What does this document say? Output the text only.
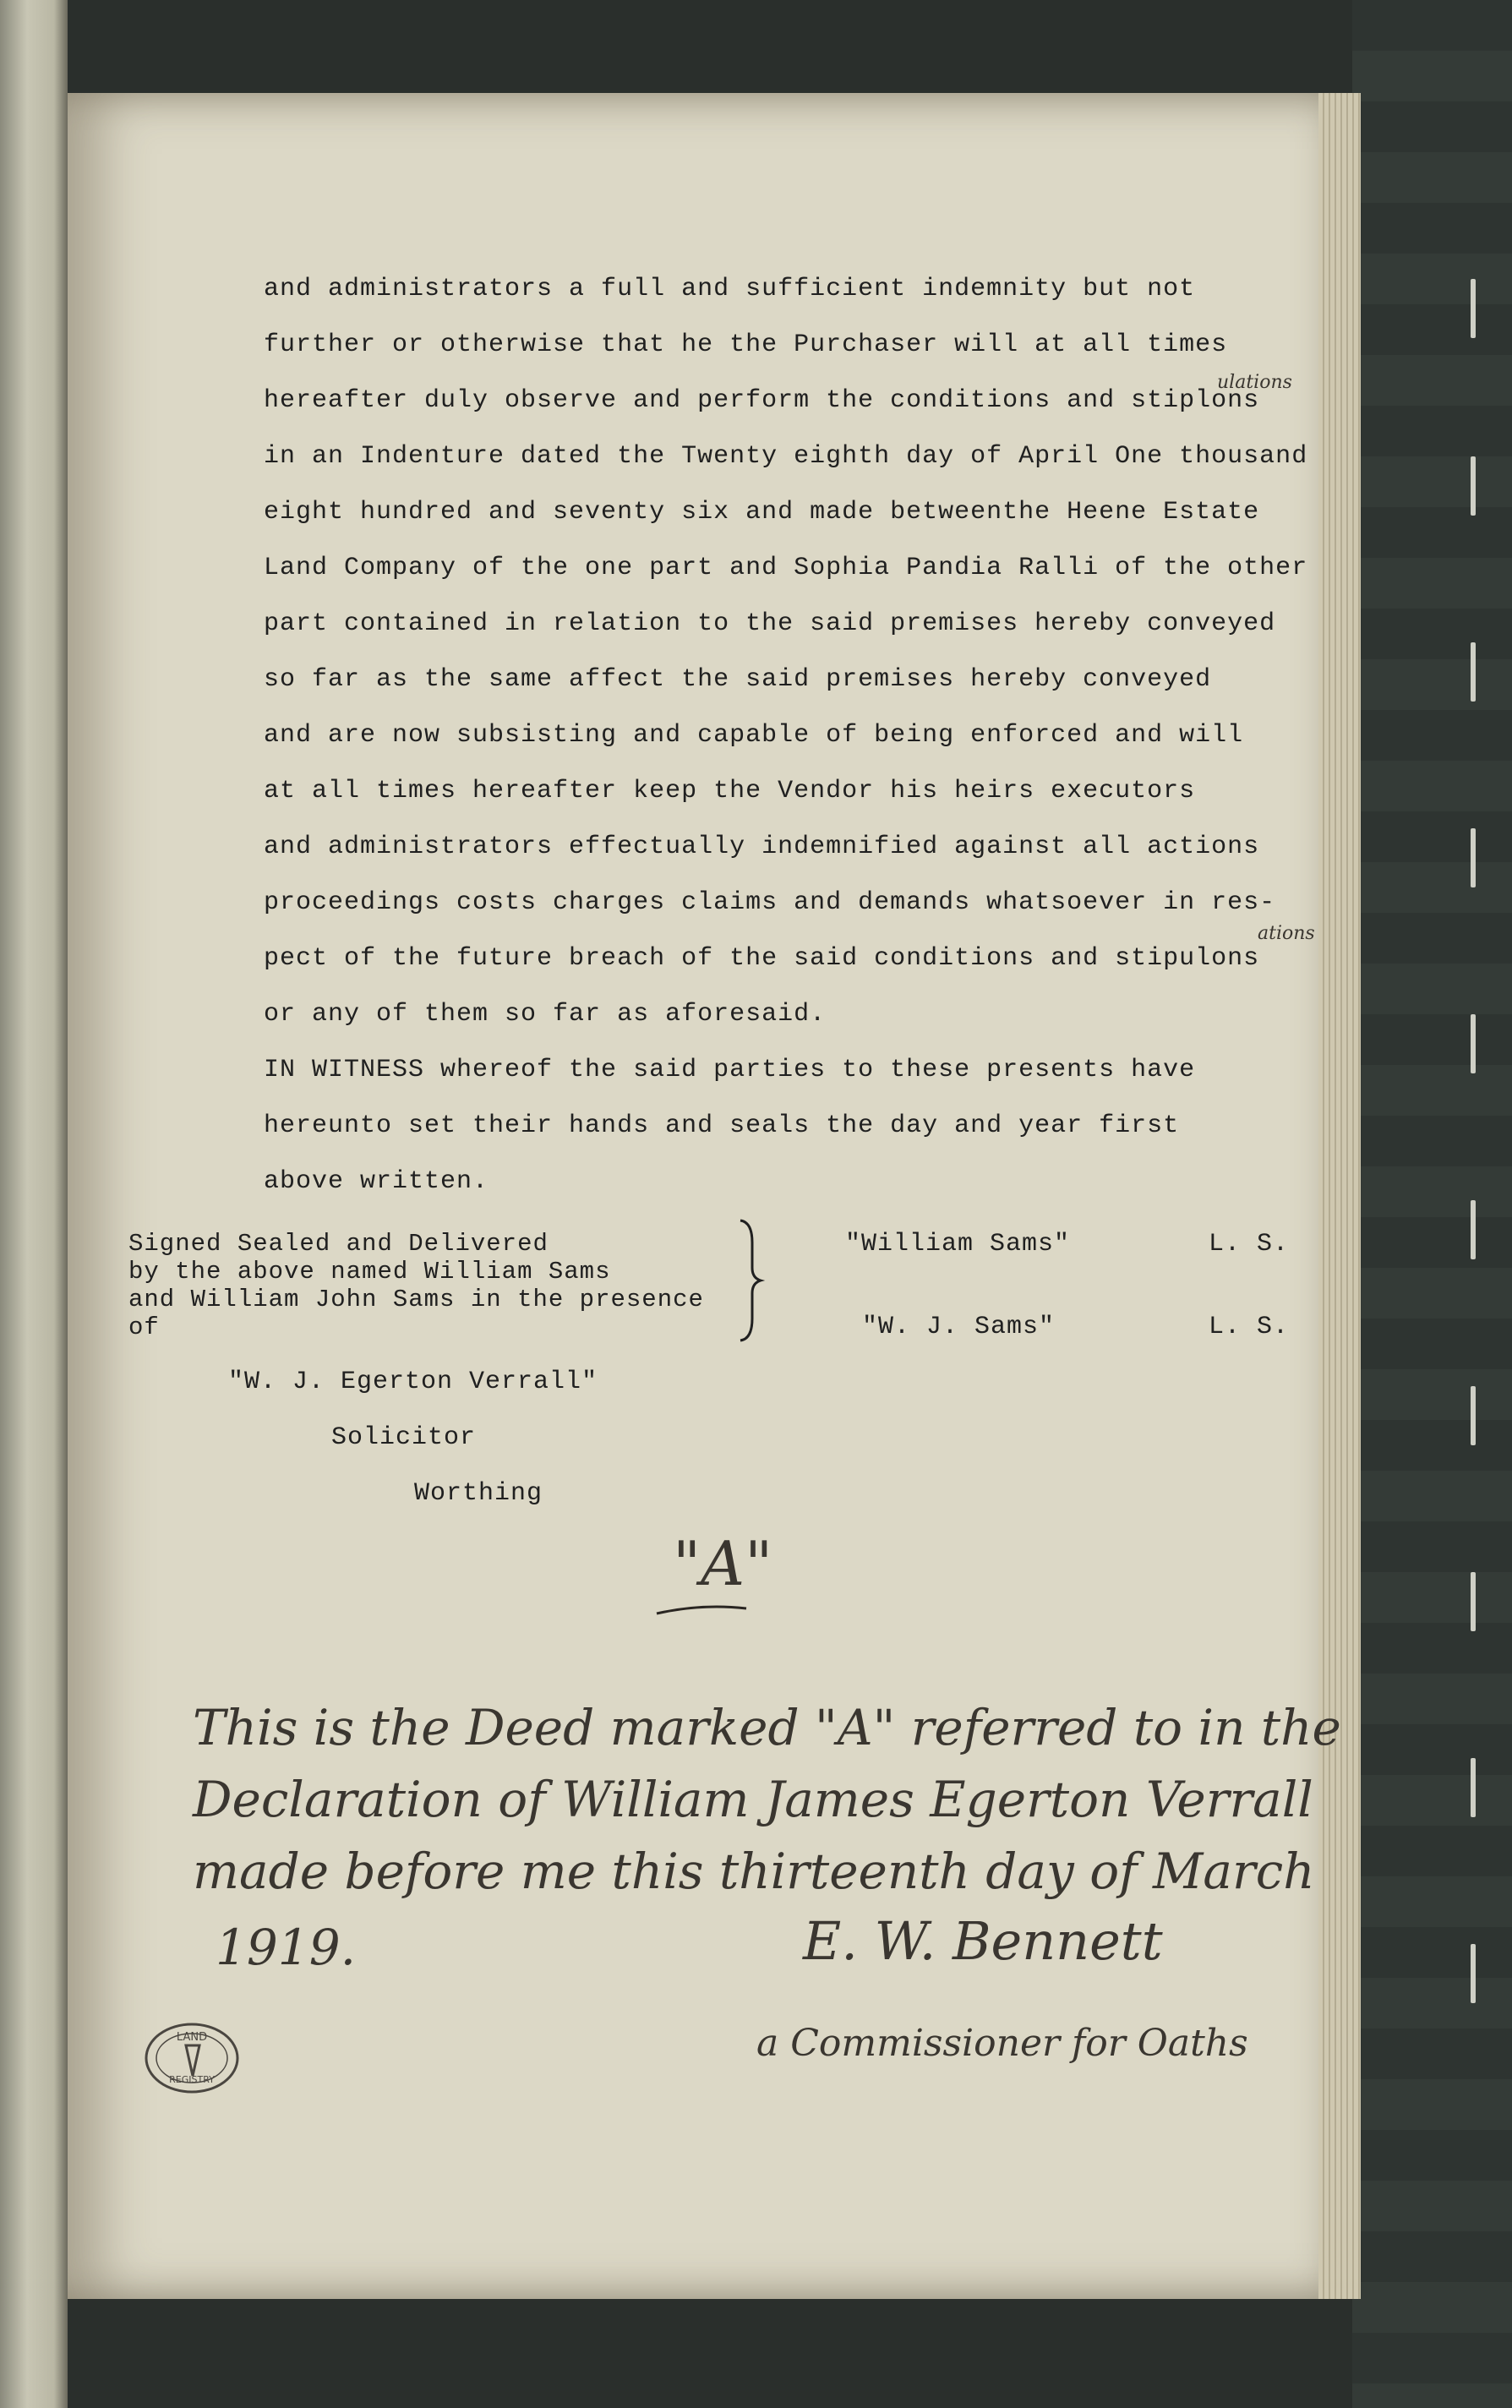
and administrators a full and sufficient indemnity but not
further or otherwise that he the Purchaser will at all times
hereafter duly observe and perform the conditions and stiplons
in an Indenture dated the Twenty eighth day of April One thousand
eight hundred and seventy six and made betweenthe Heene Estate
Land Company of the one part and Sophia Pandia Ralli of the other
part contained in relation to the said premises hereby conveyed
so far as the same affect the said premises hereby conveyed
and are now subsisting and capable of being enforced and will
at all times hereafter keep the Vendor his heirs executors
and administrators effectually indemnified against all actions
proceedings costs charges claims and demands whatsoever in res-
pect of the future breach of the said conditions and stipulons
or any of them so far as aforesaid.
IN WITNESS whereof the said parties to these presents have
hereunto set their hands and seals the day and year first
above written.
ulations
ations
Signed Sealed and Delivered
by the above named William Sams
and William John Sams in the presence
of
"William Sams"	L. S.
"W. J. Sams"	L. S.
"W. J. Egerton Verrall"
Solicitor
Worthing
"A"
This is the Deed marked "A" referred to in the
Declaration of William James Egerton Verrall
made before me this thirteenth day of March
1919.	E. W. Bennett
a Commissioner for Oaths
LAND
REGISTRY
